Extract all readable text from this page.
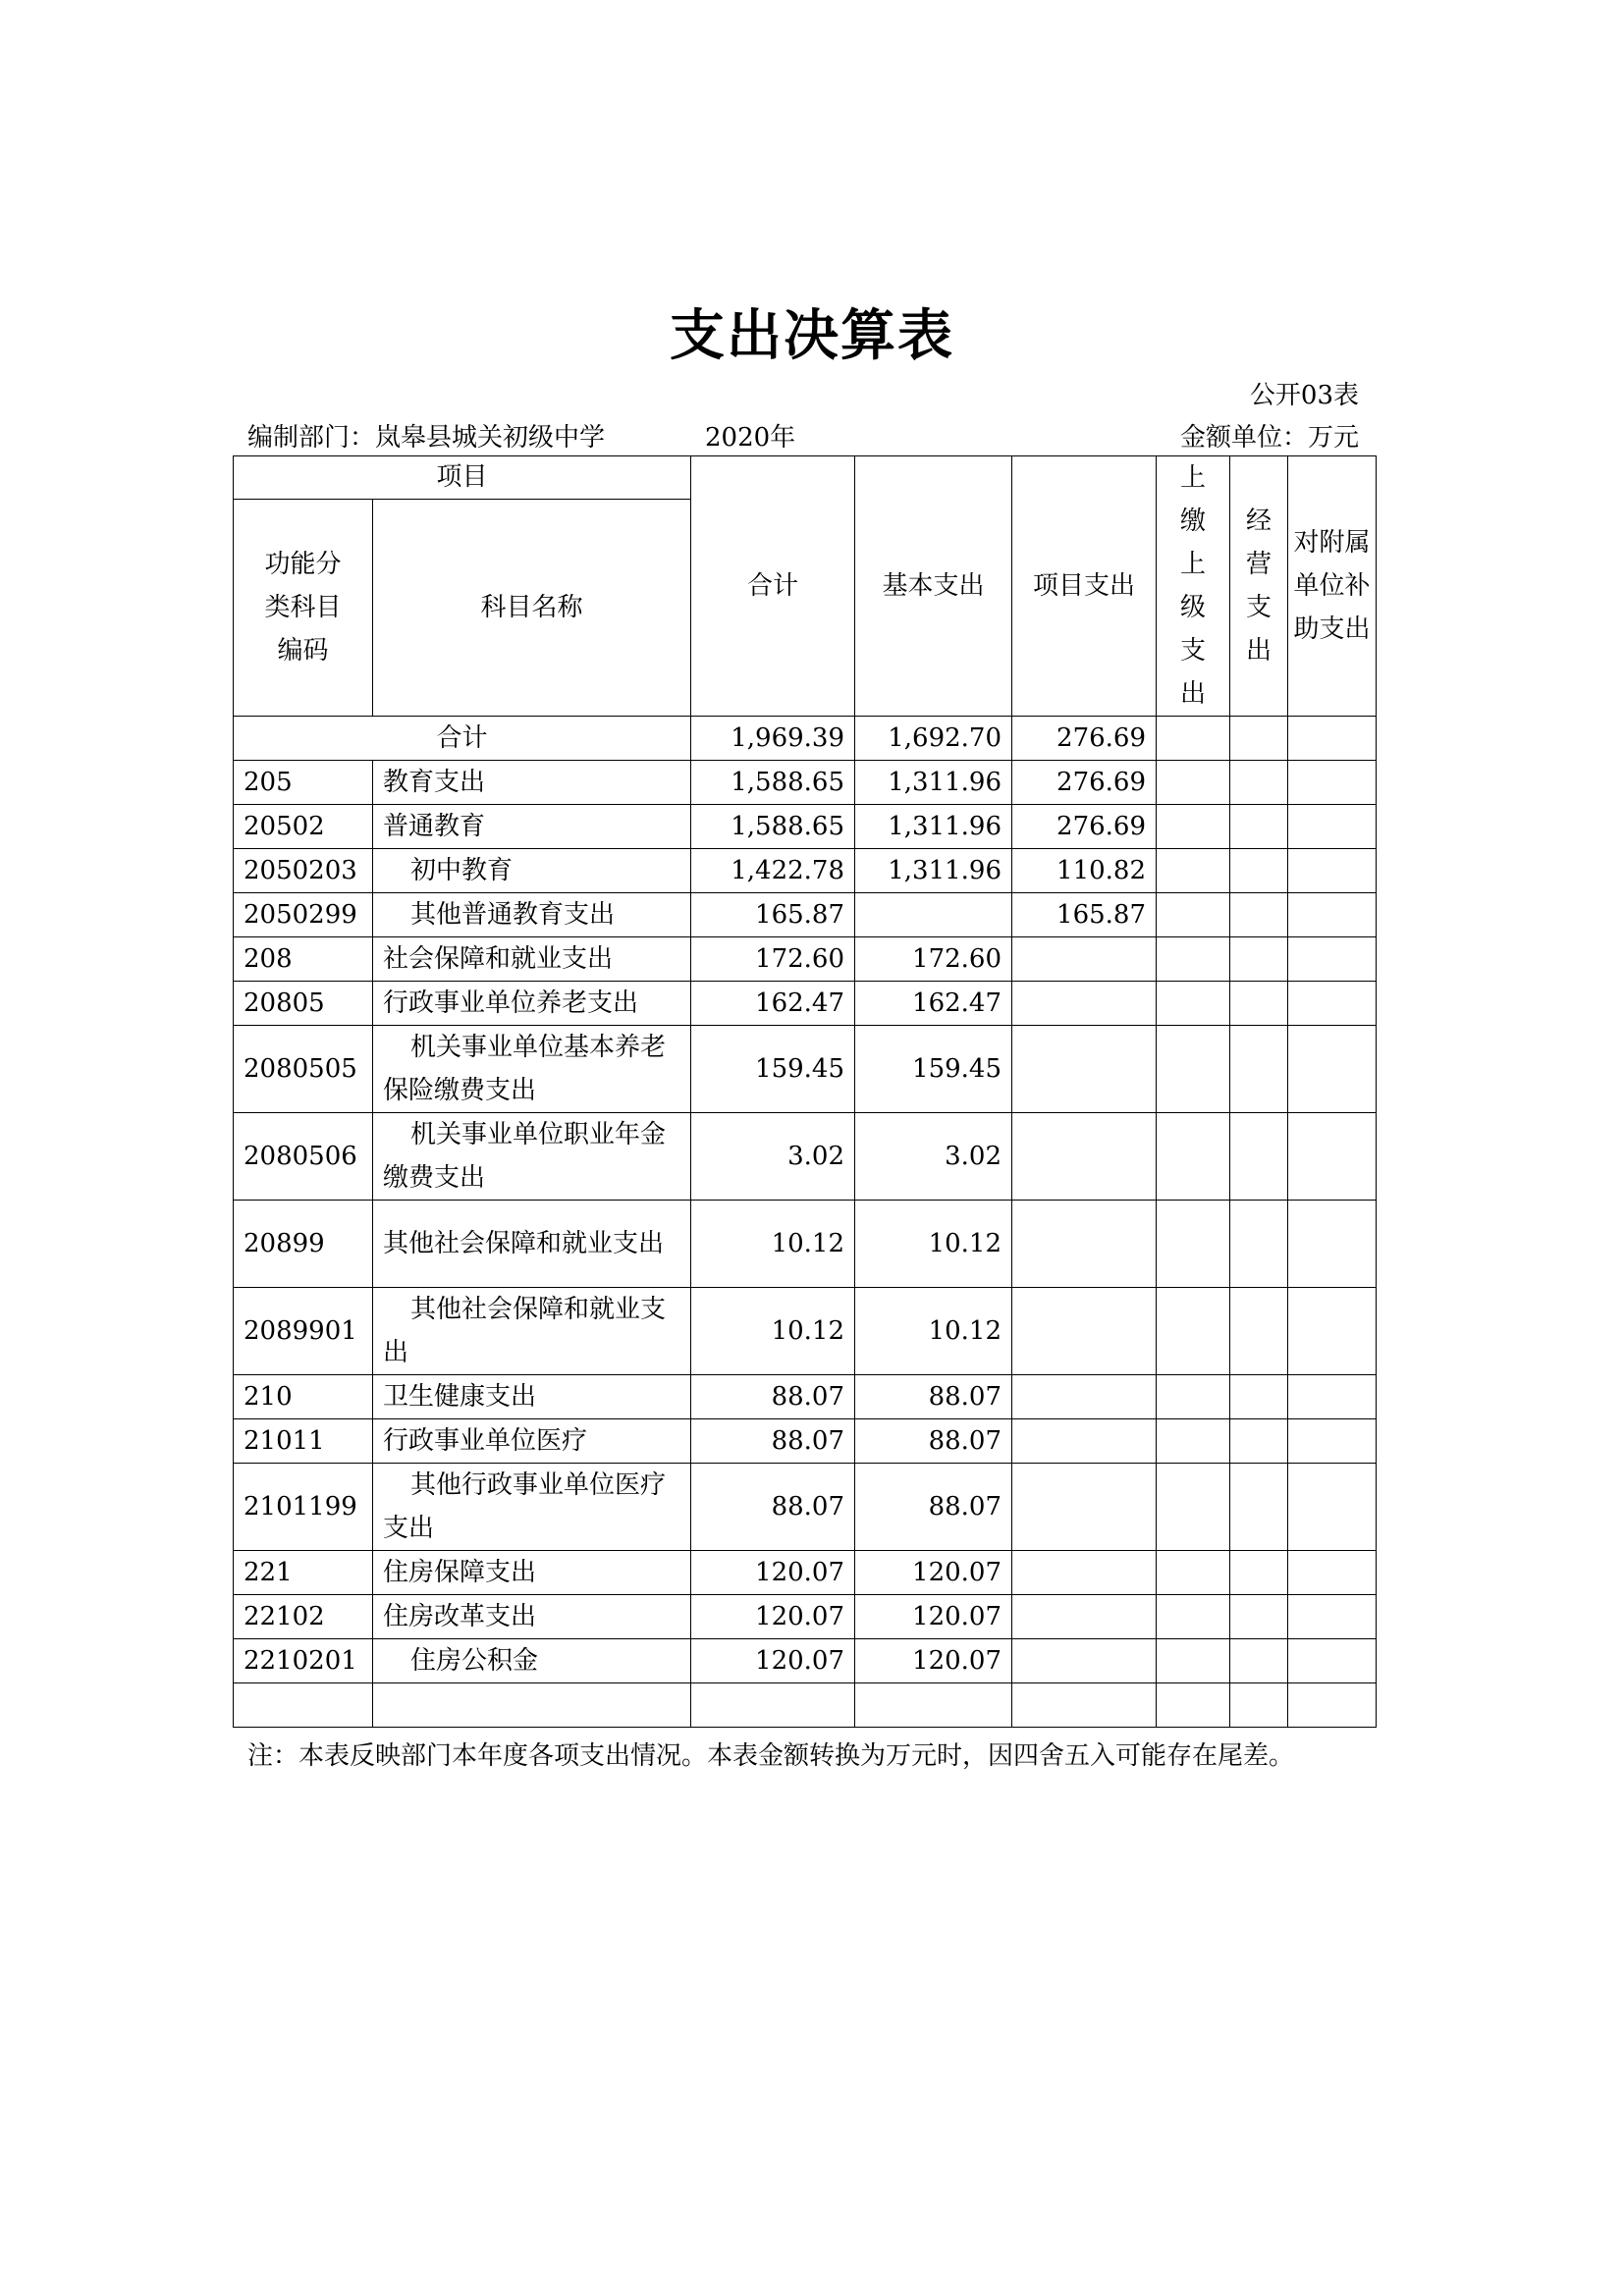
支出决算表
公开03表
编制部门：岚皋县城关初级中学	2020年	金额单位：万元
项目		合计	基本支出	项目支出	上缴上级支出	经营支出	对附属单位补助支出

功能分类科目编码	科目名称						
合计		1,969.39	1,692.70	276.69			
205	教育支出	1,588.65	1,311.96	276.69			
20502	普通教育	1,588.65	1,311.96	276.69			
2050203	初中教育	1,422.78	1,311.96	110.82			
2050299	其他普通教育支出	165.87		165.87			
208	社会保障和就业支出	172.60	172.60				
20805	行政事业单位养老支出	162.47	162.47				
2080505	机关事业单位基本养老保险缴费支出	159.45	159.45				
2080506	机关事业单位职业年金缴费支出	3.02	3.02				
20899	其他社会保障和就业支出	10.12	10.12				
2089901	其他社会保障和就业支出	10.12	10.12				
210	卫生健康支出	88.07	88.07				
21011	行政事业单位医疗	88.07	88.07				
2101199	其他行政事业单位医疗支出	88.07	88.07				
221	住房保障支出	120.07	120.07				
22102	住房改革支出	120.07	120.07				
2210201	住房公积金	120.07	120.07				

注：本表反映部门本年度各项支出情况。本表金额转换为万元时，因四舍五入可能存在尾差。
